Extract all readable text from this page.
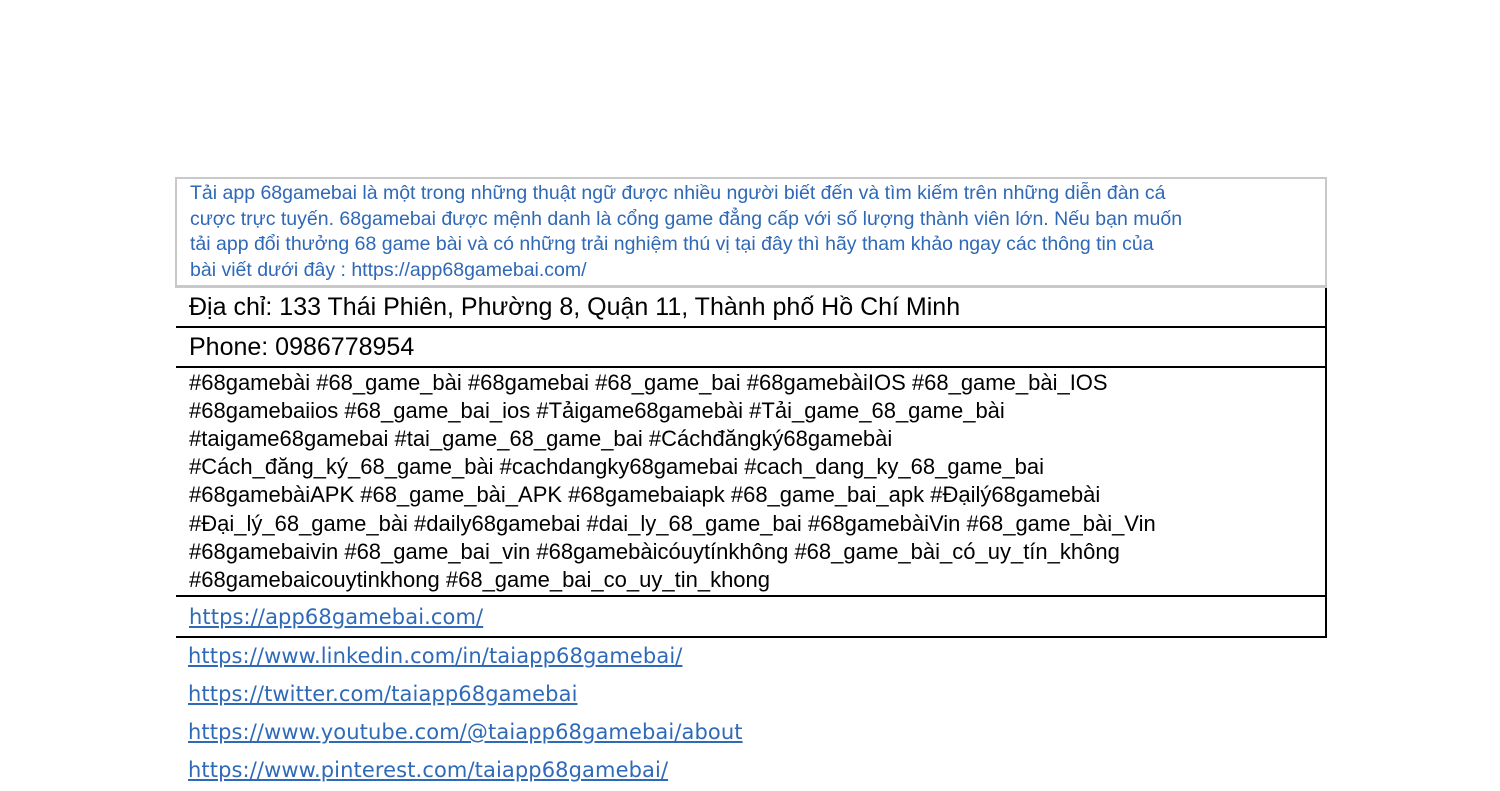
Tải app 68gamebai là một trong những thuật ngữ được nhiều người biết đến và tìm kiếm trên những diễn đàn cá
cược trực tuyến. 68gamebai được mệnh danh là cổng game đẳng cấp với số lượng thành viên lớn. Nếu bạn muốn
tải app đổi thưởng 68 game bài và có những trải nghiệm thú vị tại đây thì hãy tham khảo ngay các thông tin của
bài viết dưới đây : https://app68gamebai.com/

Địa chỉ: 133 Thái Phiên, Phường 8, Quận 11, Thành phố Hồ Chí Minh
Phone: 0986778954

#68gamebài #68_game_bài #68gamebai #68_game_bai #68gamebàiIOS #68_game_bài_IOS
#68gamebaiios #68_game_bai_ios #Tảigame68gamebài #Tải_game_68_game_bài
#taigame68gamebai #tai_game_68_game_bai #Cáchđăngký68gamebài
#Cách_đăng_ký_68_game_bài #cachdangky68gamebai #cach_dang_ky_68_game_bai
#68gamebàiAPK #68_game_bài_APK #68gamebaiapk #68_game_bai_apk #Đạilý68gamebài
#Đại_lý_68_game_bài #daily68gamebai #dai_ly_68_game_bai #68gamebàiVin #68_game_bài_Vin
#68gamebaivin #68_game_bai_vin #68gamebàicóuytínkhông #68_game_bài_có_uy_tín_không
#68gamebaicouytinkhong #68_game_bai_co_uy_tin_khong

https://app68gamebai.com/
https://www.linkedin.com/in/taiapp68gamebai/
https://twitter.com/taiapp68gamebai
https://www.youtube.com/@taiapp68gamebai/about
https://www.pinterest.com/taiapp68gamebai/
